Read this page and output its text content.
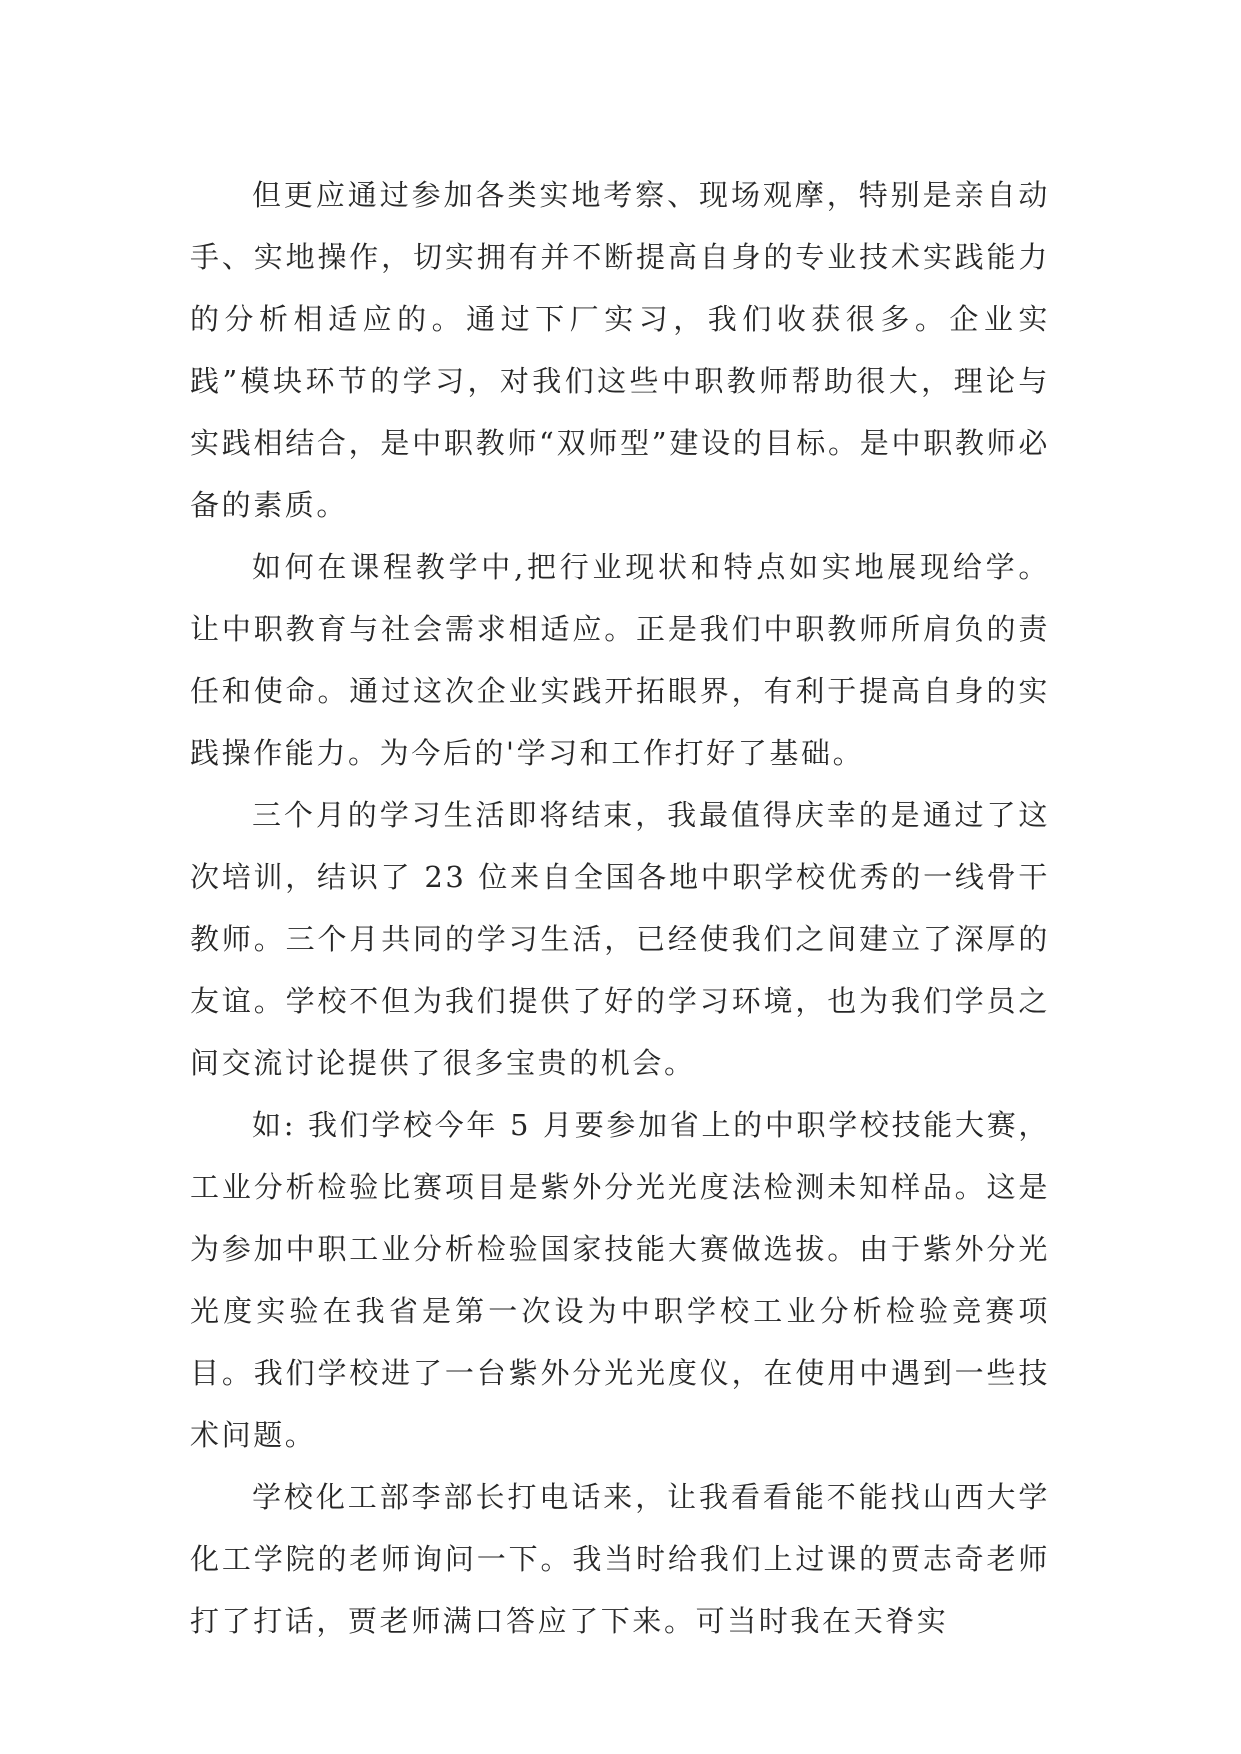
但更应通过参加各类实地考察、现场观摩，特别是亲自动手、实地操作，切实拥有并不断提高自身的专业技术实践能力的分析相适应的。通过下厂实习，我们收获很多。企业实践”模块环节的学习，对我们这些中职教师帮助很大，理论与实践相结合，是中职教师“双师型”建设的目标。是中职教师必备的素质。

如何在课程教学中,把行业现状和特点如实地展现给学。让中职教育与社会需求相适应。正是我们中职教师所肩负的责任和使命。通过这次企业实践开拓眼界，有利于提高自身的实践操作能力。为今后的'学习和工作打好了基础。

三个月的学习生活即将结束，我最值得庆幸的是通过了这次培训，结识了 23 位来自全国各地中职学校优秀的一线骨干教师。三个月共同的学习生活，已经使我们之间建立了深厚的友谊。学校不但为我们提供了好的学习环境，也为我们学员之间交流讨论提供了很多宝贵的机会。

如: 我们学校今年 5 月要参加省上的中职学校技能大赛，工业分析检验比赛项目是紫外分光光度法检测未知样品。这是为参加中职工业分析检验国家技能大赛做选拔。由于紫外分光光度实验在我省是第一次设为中职学校工业分析检验竞赛项目。我们学校进了一台紫外分光光度仪，在使用中遇到一些技术问题。

学校化工部李部长打电话来，让我看看能不能找山西大学化工学院的老师询问一下。我当时给我们上过课的贾志奇老师打了打话，贾老师满口答应了下来。可当时我在天脊实
